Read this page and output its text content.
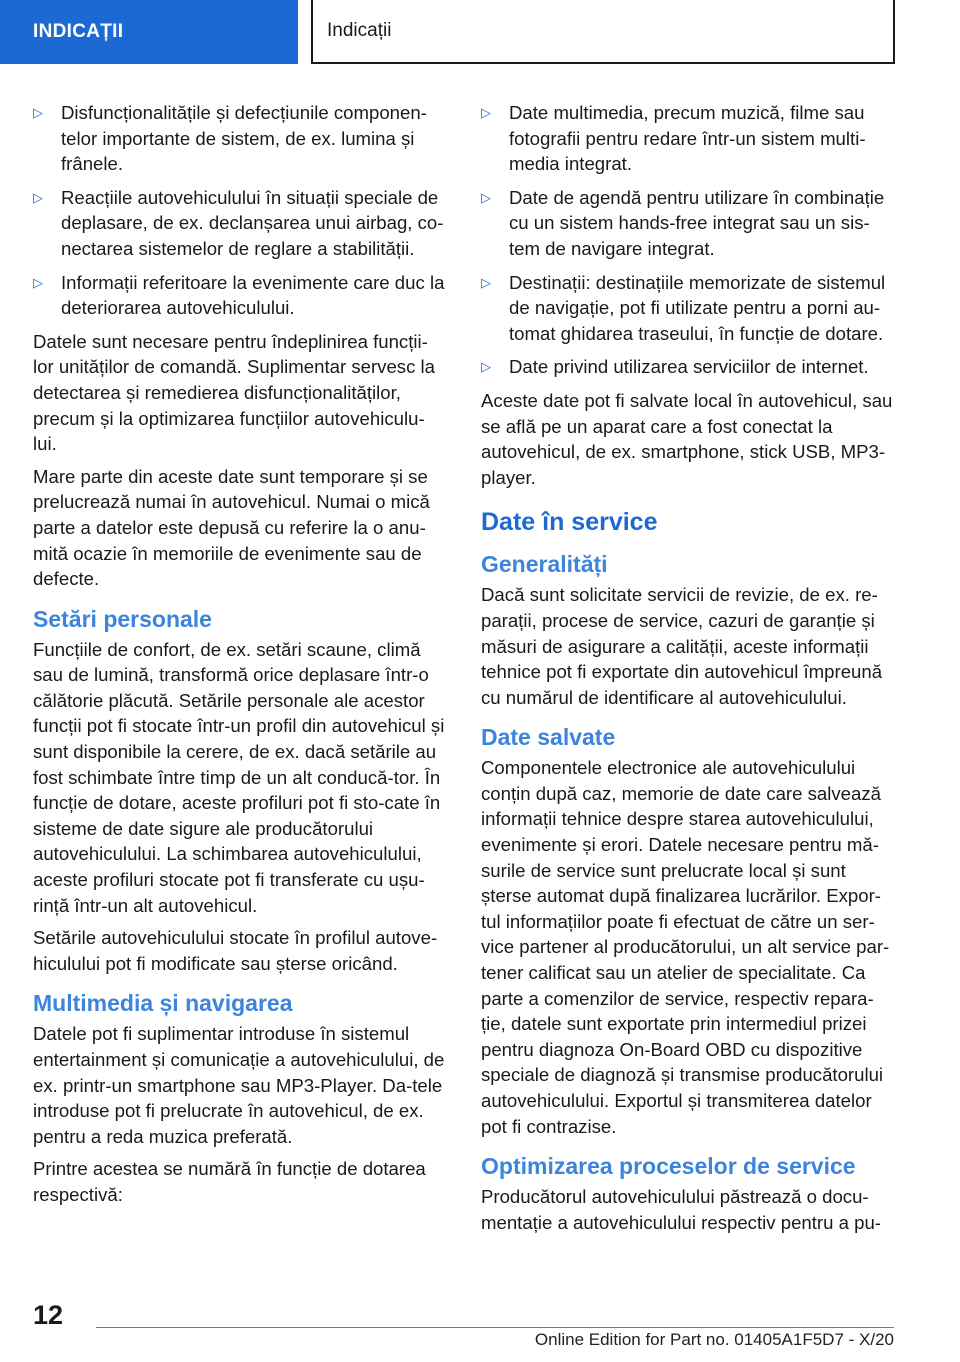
INDICAȚII	Indicații
▷ Disfuncționalitățile și defecțiunile componen-telor importante de sistem, de ex. lumina și frânele.
▷ Reacțiile autovehiculului în situații speciale de deplasare, de ex. declanșarea unui airbag, co-nectarea sistemelor de reglare a stabilității.
▷ Informații referitoare la evenimente care duc la deteriorarea autovehiculului.

Datele sunt necesare pentru îndeplinirea funcții-lor unităților de comandă. Suplimentar servesc la detectarea și remedierea disfuncționalităților, precum și la optimizarea funcțiilor autovehiculu-lui.

Mare parte din aceste date sunt temporare și se prelucrează numai în autovehicul. Numai o mică parte a datelor este depusă cu referire la o anu-mită ocazie în memoriile de evenimente sau de defecte.

Setări personale

Funcțiile de confort, de ex. setări scaune, climă sau de lumină, transformă orice deplasare într-o călătorie plăcută. Setările personale ale acestor funcții pot fi stocate într-un profil din autovehicul și sunt disponibile la cerere, de ex. dacă setările au fost schimbate între timp de un alt conducă-tor. În funcție de dotare, aceste profiluri pot fi sto-cate în sisteme de date sigure ale producătorului autovehiculului. La schimbarea autovehiculului, aceste profiluri stocate pot fi transferate cu ușu-rință într-un alt autovehicul.

Setările autovehiculului stocate în profilul autove-hiculului pot fi modificate sau șterse oricând.

Multimedia și navigarea

Datele pot fi suplimentar introduse în sistemul entertainment și comunicație a autovehiculului, de ex. printr-un smartphone sau MP3-Player. Da-tele introduse pot fi prelucrate în autovehicul, de ex. pentru a reda muzica preferată.

Printre acestea se numără în funcție de dotarea respectivă:

▷ Date multimedia, precum muzică, filme sau fotografii pentru redare într-un sistem multi-media integrat.
▷ Date de agendă pentru utilizare în combinație cu un sistem hands-free integrat sau un sis-tem de navigare integrat.
▷ Destinații: destinațiile memorizate de sistemul de navigație, pot fi utilizate pentru a porni au-tomat ghidarea traseului, în funcție de dotare.
▷ Date privind utilizarea serviciilor de internet.

Aceste date pot fi salvate local în autovehicul, sau se află pe un aparat care a fost conectat la autovehicul, de ex. smartphone, stick USB, MP3-player.

Date în service
Generalități

Dacă sunt solicitate servicii de revizie, de ex. re-parații, procese de service, cazuri de garanție și măsuri de asigurare a calității, aceste informații tehnice pot fi exportate din autovehicul împreună cu numărul de identificare al autovehiculului.

Date salvate

Componentele electronice ale autovehiculului conțin după caz, memorie de date care salvează informații tehnice despre starea autovehiculului, evenimente și erori. Datele necesare pentru mă-surile de service sunt prelucrate local și sunt șterse automat după finalizarea lucrărilor. Expor-tul informațiilor poate fi efectuat de către un ser-vice partener al producătorului, un alt service par-tener calificat sau un atelier de specialitate. Ca parte a comenzilor de service, respectiv repara-ție, datele sunt exportate prin intermediul prizei pentru diagnoza On-Board OBD cu dispozitive speciale de diagnoză și transmise producătorului autovehiculului. Exportul și transmiterea datelor pot fi contrazise.

Optimizarea proceselor de service

Producătorul autovehiculului păstrează o docu-mentație a autovehiculului respectiv pentru a pu-

12
Online Edition for Part no. 01405A1F5D7 - X/20
